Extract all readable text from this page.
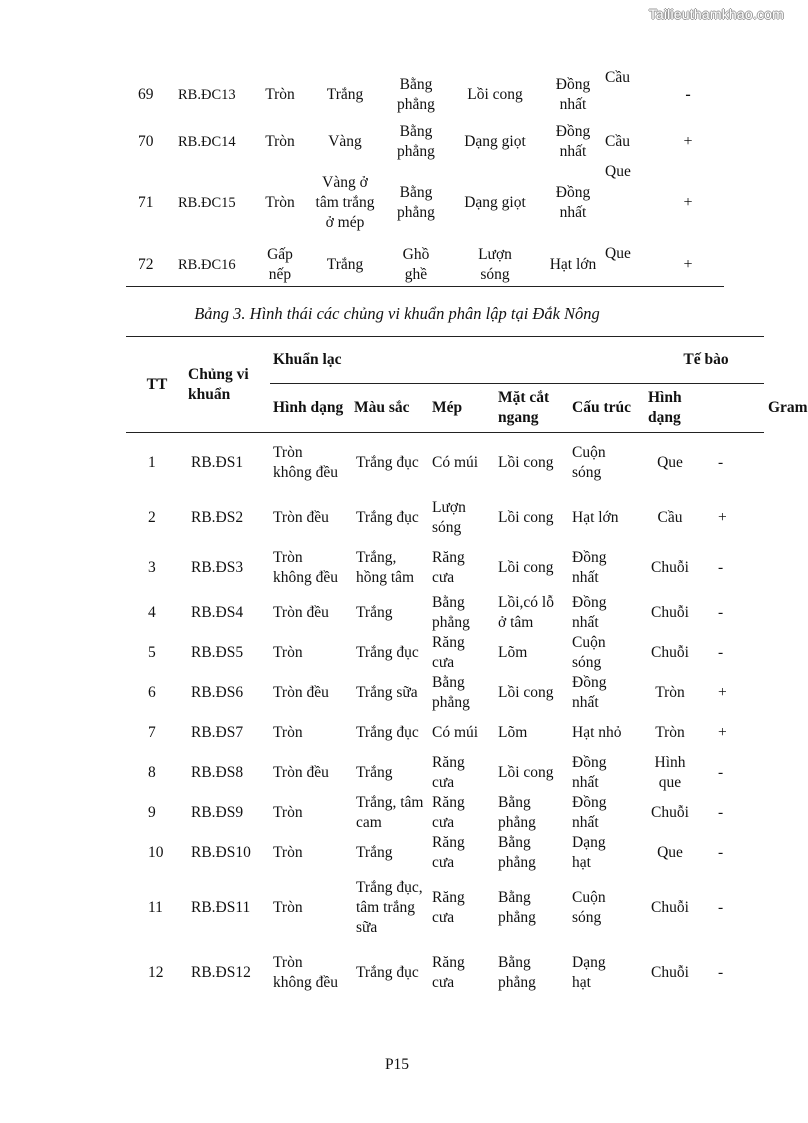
Tailieuthamkhao.com
69	RB.ĐC13	Tròn	Trắng	Bằng phẳng	Lồi cong	Đồng nhất	Cầu	-
70	RB.ĐC14	Tròn	Vàng	Bằng phẳng	Dạng giọt	Đồng nhất	Cầu	+
71	RB.ĐC15	Tròn	Vàng ở tâm trắng ở mép	Bằng phẳng	Dạng giọt	Đồng nhất	Que	+
72	RB.ĐC16	Gấp nếp	Trắng	Ghồ ghề	Lượn sóng	Hạt lớn	Que	+
Bảng 3. Hình thái các chủng vi khuẩn phân lập tại Đắk Nông
TT	Chủng vi khuẩn	Khuẩn lạc					Tế bào	
		Hình dạng	Màu sắc	Mép	Mặt cắt ngang	Cấu trúc	Hình dạng	Gram
1	RB.ĐS1	Tròn không đều	Trắng đục	Có múi	Lồi cong	Cuộn sóng	Que	-
2	RB.ĐS2	Tròn đều	Trắng đục	Lượn sóng	Lồi cong	Hạt lớn	Cầu	+
3	RB.ĐS3	Tròn không đều	Trắng, hồng tâm	Răng cưa	Lồi cong	Đồng nhất	Chuỗi	-
4	RB.ĐS4	Tròn đều	Trắng	Bằng phẳng	Lồi,có lỗ ở tâm	Đồng nhất	Chuỗi	-
5	RB.ĐS5	Tròn	Trắng đục	Răng cưa	Lõm	Cuộn sóng	Chuỗi	-
6	RB.ĐS6	Tròn đều	Trắng sữa	Bằng phẳng	Lồi cong	Đồng nhất	Tròn	+
7	RB.ĐS7	Tròn	Trắng đục	Có múi	Lõm	Hạt nhỏ	Tròn	+
8	RB.ĐS8	Tròn đều	Trắng	Răng cưa	Lồi cong	Đồng nhất	Hình que	-
9	RB.ĐS9	Tròn	Trắng, tâm cam	Răng cưa	Bằng phẳng	Đồng nhất	Chuỗi	-
10	RB.ĐS10	Tròn	Trắng	Răng cưa	Bằng phẳng	Dạng hạt	Que	-
11	RB.ĐS11	Tròn	Trắng đục, tâm trắng sữa	Răng cưa	Bằng phẳng	Cuộn sóng	Chuỗi	-
12	RB.ĐS12	Tròn không đều	Trắng đục	Răng cưa	Bằng phẳng	Dạng hạt	Chuỗi	-
P15
